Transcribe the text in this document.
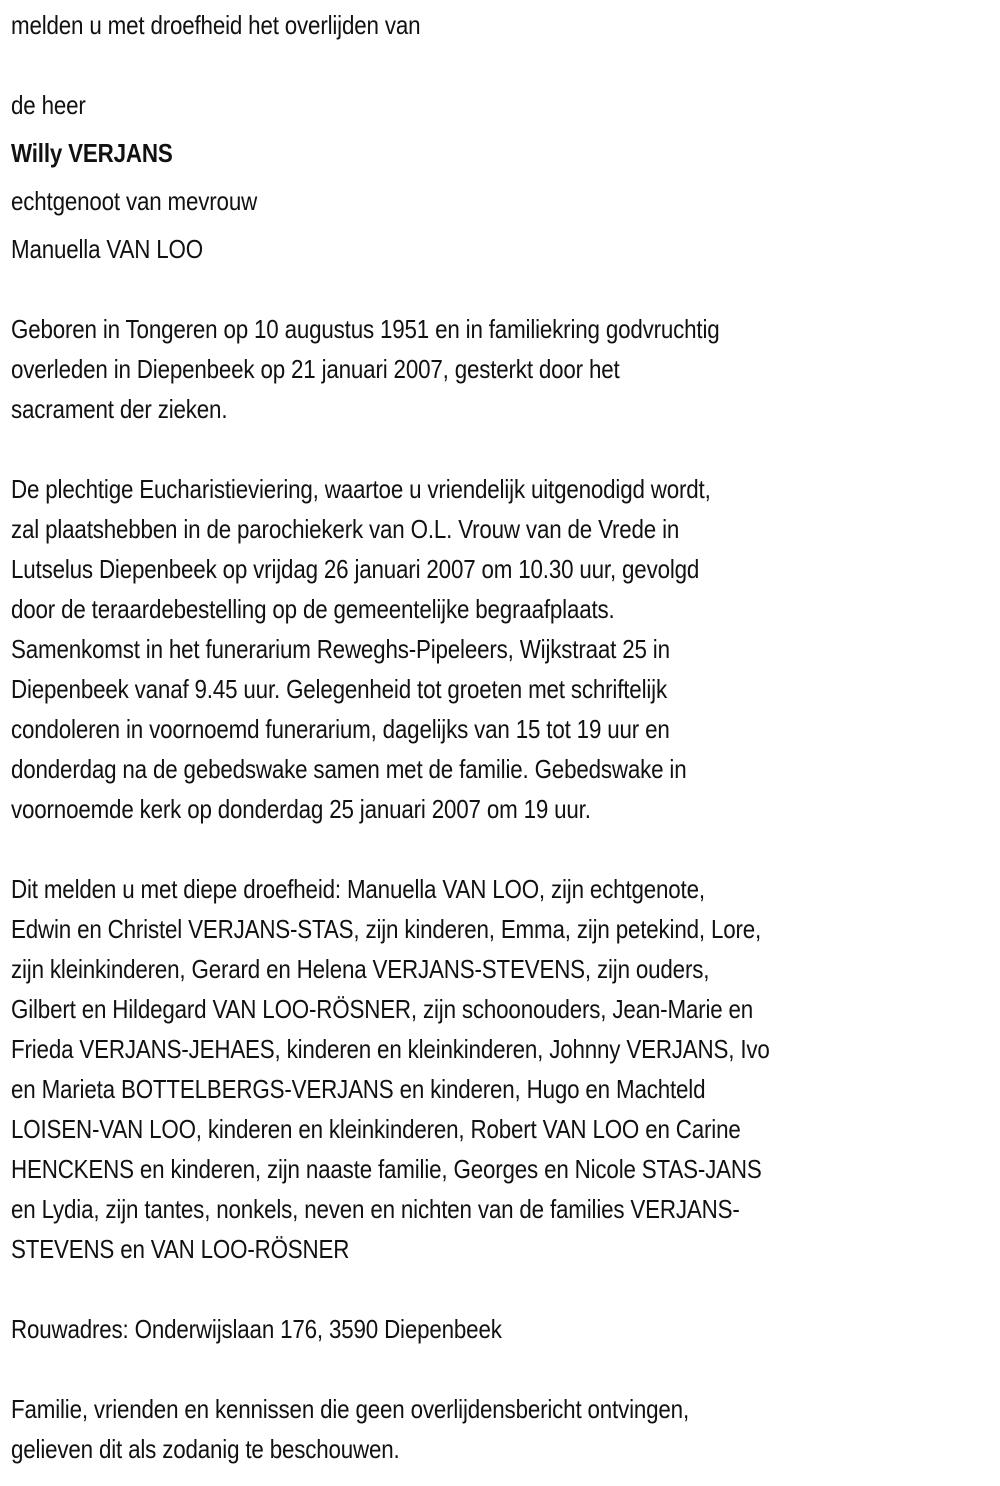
melden u met droefheid het overlijden van
de heer
Willy VERJANS
echtgenoot van mevrouw
Manuella VAN LOO
Geboren in Tongeren op 10 augustus 1951 en in familiekring godvruchtig
overleden in Diepenbeek op 21 januari 2007, gesterkt door het
sacrament der zieken.
De plechtige Eucharistieviering, waartoe u vriendelijk uitgenodigd wordt,
zal plaatshebben in de parochiekerk van O.L. Vrouw van de Vrede in
Lutselus Diepenbeek op vrijdag 26 januari 2007 om 10.30 uur, gevolgd
door de teraardebestelling op de gemeentelijke begraafplaats.
Samenkomst in het funerarium Reweghs-Pipeleers, Wijkstraat 25 in
Diepenbeek vanaf 9.45 uur. Gelegenheid tot groeten met schriftelijk
condoleren in voornoemd funerarium, dagelijks van 15 tot 19 uur en
donderdag na de gebedswake samen met de familie. Gebedswake in
voornoemde kerk op donderdag 25 januari 2007 om 19 uur.
Dit melden u met diepe droefheid: Manuella VAN LOO, zijn echtgenote,
Edwin en Christel VERJANS-STAS, zijn kinderen, Emma, zijn petekind, Lore,
zijn kleinkinderen, Gerard en Helena VERJANS-STEVENS, zijn ouders,
Gilbert en Hildegard VAN LOO-RÖSNER, zijn schoonouders, Jean-Marie en
Frieda VERJANS-JEHAES, kinderen en kleinkinderen, Johnny VERJANS, Ivo
en Marieta BOTTELBERGS-VERJANS en kinderen, Hugo en Machteld
LOISEN-VAN LOO, kinderen en kleinkinderen, Robert VAN LOO en Carine
HENCKENS en kinderen, zijn naaste familie, Georges en Nicole STAS-JANS
en Lydia, zijn tantes, nonkels, neven en nichten van de families VERJANS-
STEVENS en VAN LOO-RÖSNER
Rouwadres: Onderwijslaan 176, 3590 Diepenbeek
Familie, vrienden en kennissen die geen overlijdensbericht ontvingen,
gelieven dit als zodanig te beschouwen.
